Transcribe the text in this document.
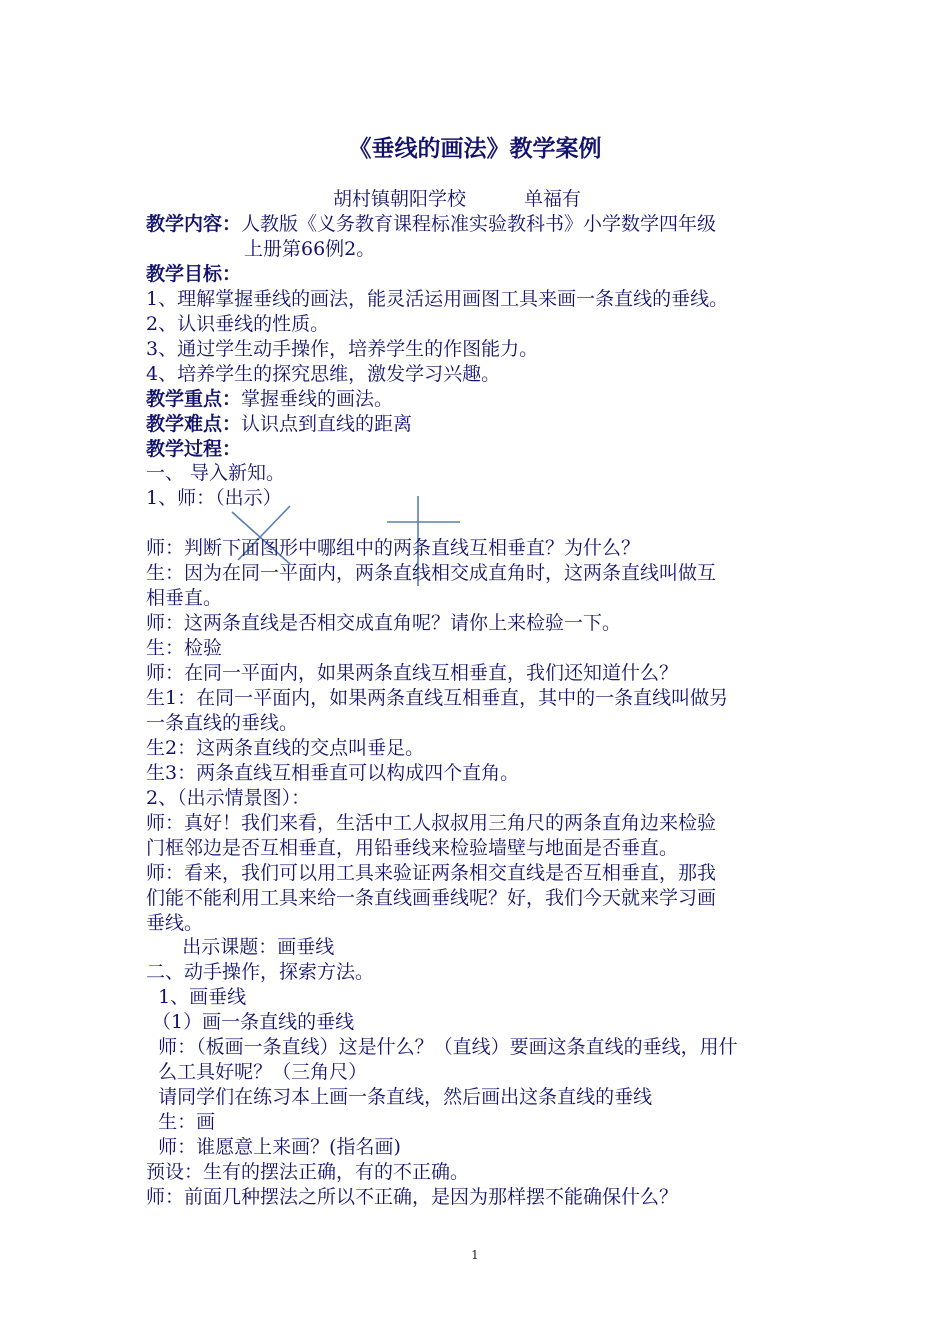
《垂线的画法》教学案例
胡村镇朝阳学校	单福有
教学内容：人教版《义务教育课程标准实验教科书》小学数学四年级
上册第66例2。
教学目标：
1、理解掌握垂线的画法，能灵活运用画图工具来画一条直线的垂线。
2、认识垂线的性质。
3、通过学生动手操作，培养学生的作图能力。
4、培养学生的探究思维，激发学习兴趣。
教学重点：掌握垂线的画法。
教学难点：认识点到直线的距离
教学过程：
一、 导入新知。
1、师：（出示）
师：判断下面图形中哪组中的两条直线互相垂直？为什么？
生：因为在同一平面内，两条直线相交成直角时，这两条直线叫做互
相垂直。
师：这两条直线是否相交成直角呢？请你上来检验一下。
生：检验
师：在同一平面内，如果两条直线互相垂直，我们还知道什么？
生1：在同一平面内，如果两条直线互相垂直，其中的一条直线叫做另
一条直线的垂线。
生2：这两条直线的交点叫垂足。
生3：两条直线互相垂直可以构成四个直角。
2、（出示情景图）：
师：真好！我们来看，生活中工人叔叔用三角尺的两条直角边来检验
门框邻边是否互相垂直，用铅垂线来检验墙壁与地面是否垂直。
师：看来，我们可以用工具来验证两条相交直线是否互相垂直，那我
们能不能利用工具来给一条直线画垂线呢？好，我们今天就来学习画
垂线。
出示课题：画垂线
二、动手操作，探索方法。
1、画垂线
（1）画一条直线的垂线
师：（板画一条直线）这是什么？（直线）要画这条直线的垂线，用什
么工具好呢？（三角尺）
请同学们在练习本上画一条直线，然后画出这条直线的垂线
生：画
师：谁愿意上来画？(指名画)
预设：生有的摆法正确，有的不正确。
师：前面几种摆法之所以不正确，是因为那样摆不能确保什么？
1
